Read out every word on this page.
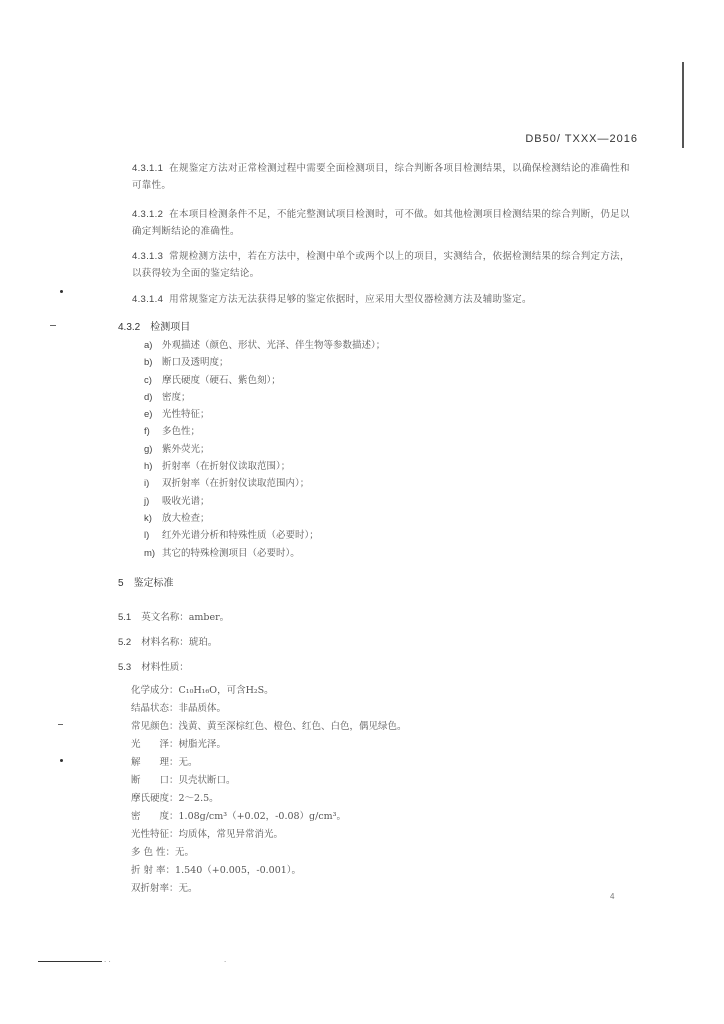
DB50/ TXXX—2016
4.3.1.1 在规鉴定方法对正常检测过程中需要全面检测项目，综合判断各项目检测结果，以确保检测结论的准确性和可靠性。
4.3.1.2 在本项目检测条件不足，不能完整测试项目检测时，可不做。如其他检测项目检测结果的综合判断，仍足以确定判断结论的准确性。
4.3.1.3 常规检测方法中，若在方法中，检测中单个或两个以上的项目，实测结合，依据检测结果的综合判定方法，以获得较为全面的鉴定结论。
4.3.1.4 用常规鉴定方法无法获得足够的鉴定依据时，应采用大型仪器检测方法及辅助鉴定。
4.3.2 检测项目
a) 外观描述（颜色、形状、光泽、伴生物等参数描述）；
b) 断口及透明度；
c) 摩氏硬度（硬石、紫色刻）；
d) 密度；
e) 光性特征；
f) 多色性；
g) 紫外荧光；
h) 折射率（在折射仪读取范围）；
i) 双折射率（在折射仪读取范围内）；
j) 吸收光谱；
k) 放大检查；
l) 红外光谱分析和特殊性质（必要时）；
m) 其它的特殊检测项目（必要时）。
5 鉴定标准
5.1 英文名称：amber。
5.2 材料名称：琥珀。
5.3 材料性质：
化学成分：C₁₀H₁₆O，可含H₂S。
结晶状态：非晶质体。
常见颜色：浅黄、黄至深棕红色、橙色、红色、白色，偶见绿色。
光　　泽：树脂光泽。
解　　理：无。
断　　口：贝壳状断口。
摩氏硬度：2～2.5。
密　　度：1.08g/cm³（+0.02，-0.08）g/cm³。
光性特征：均质体，常见异常消光。
多 色 性：无。
折 射 率：1.540（+0.005，-0.001）。
双折射率：无。
4
· ·	·
